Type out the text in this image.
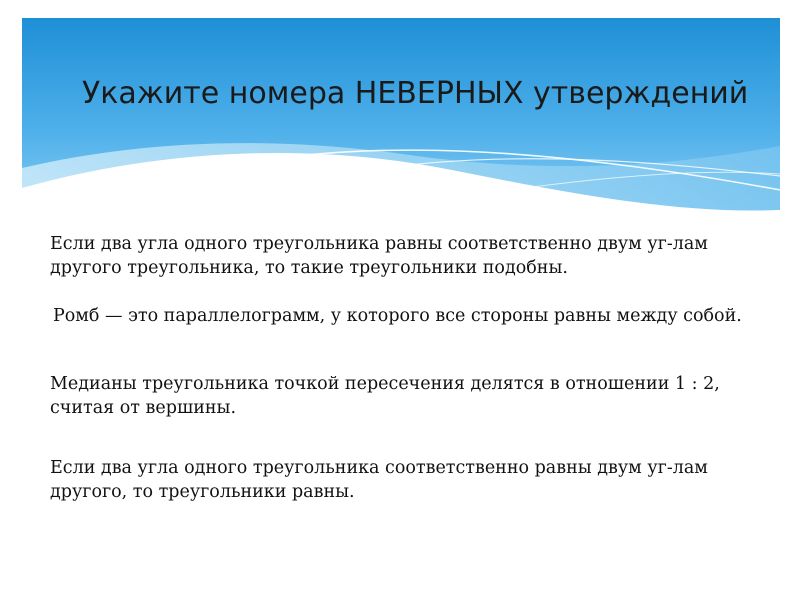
Укажите номера НЕВЕРНЫХ утверждений

Если два угла одного треугольника равны соответственно двум уг-лам другого треугольника, то такие треугольники подобны.

Ромб — это параллелограмм, у которого все стороны равны между собой.

Медианы треугольника точкой пересечения делятся в отношении 1 : 2, считая от вершины.

Если два угла одного треугольника соответственно равны двум уг-лам другого, то треугольники равны.
